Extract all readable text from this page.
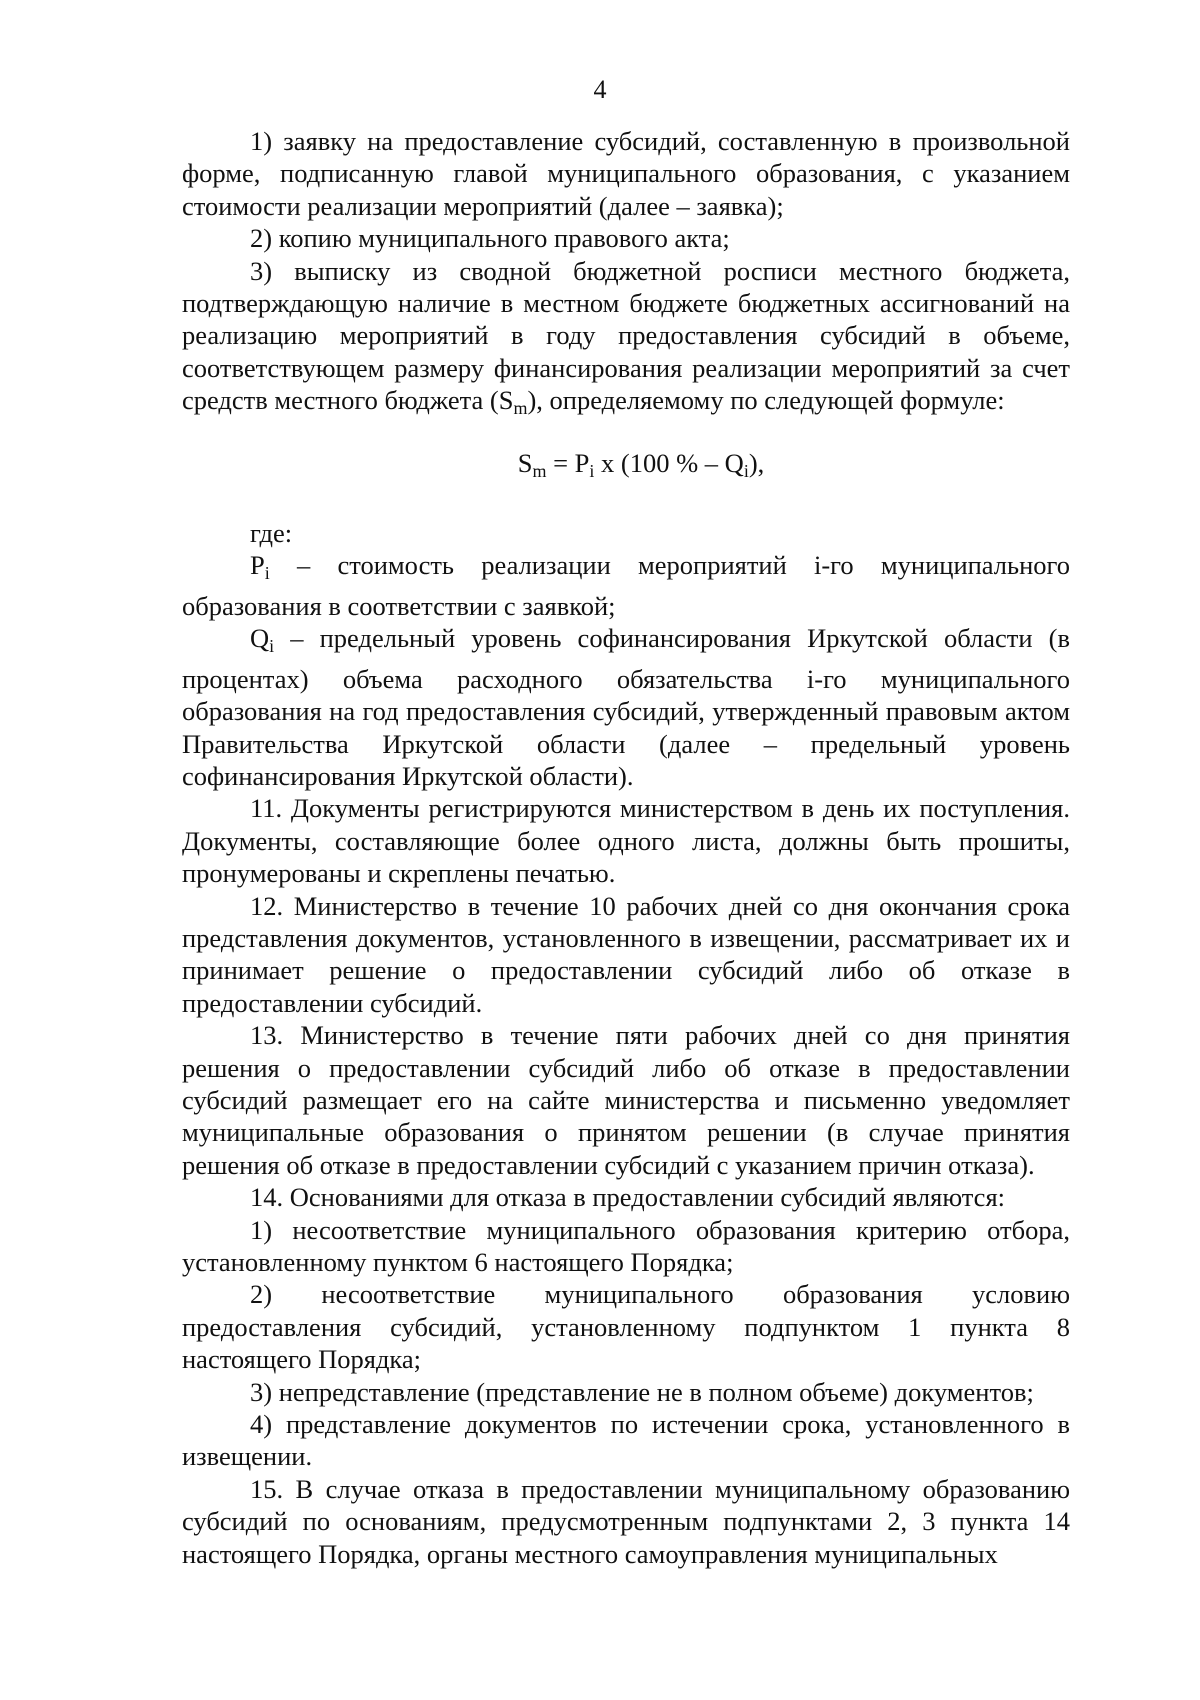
4

1) заявку на предоставление субсидий, составленную в произвольной форме, подписанную главой муниципального образования, с указанием стоимости реализации мероприятий (далее – заявка);

2) копию муниципального правового акта;

3) выписку из сводной бюджетной росписи местного бюджета, подтверждающую наличие в местном бюджете бюджетных ассигнований на реализацию мероприятий в году предоставления субсидий в объеме, соответствующем размеру финансирования реализации мероприятий за счет средств местного бюджета $(S_m)$, определяемому по следующей формуле:

$S_m = P_i$ x (100 % – $Q_i$),

где:

$P_i$ – стоимость реализации мероприятий i-го муниципального образования в соответствии с заявкой;

$Q_i$ – предельный уровень софинансирования Иркутской области (в процентах) объема расходного обязательства i-го муниципального образования на год предоставления субсидий, утвержденный правовым актом Правительства Иркутской области (далее – предельный уровень софинансирования Иркутской области).

11. Документы регистрируются министерством в день их поступления. Документы, составляющие более одного листа, должны быть прошиты, пронумерованы и скреплены печатью.

12. Министерство в течение 10 рабочих дней со дня окончания срока представления документов, установленного в извещении, рассматривает их и принимает решение о предоставлении субсидий либо об отказе в предоставлении субсидий.

13. Министерство в течение пяти рабочих дней со дня принятия решения о предоставлении субсидий либо об отказе в предоставлении субсидий размещает его на сайте министерства и письменно уведомляет муниципальные образования о принятом решении (в случае принятия решения об отказе в предоставлении субсидий с указанием причин отказа).

14. Основаниями для отказа в предоставлении субсидий являются:

1) несоответствие муниципального образования критерию отбора, установленному пунктом 6 настоящего Порядка;

2) несоответствие муниципального образования условию предоставления субсидий, установленному подпунктом 1 пункта 8 настоящего Порядка;

3) непредставление (представление не в полном объеме) документов;

4) представление документов по истечении срока, установленного в извещении.

15. В случае отказа в предоставлении муниципальному образованию субсидий по основаниям, предусмотренным подпунктами 2, 3 пункта 14 настоящего Порядка, органы местного самоуправления муниципальных
